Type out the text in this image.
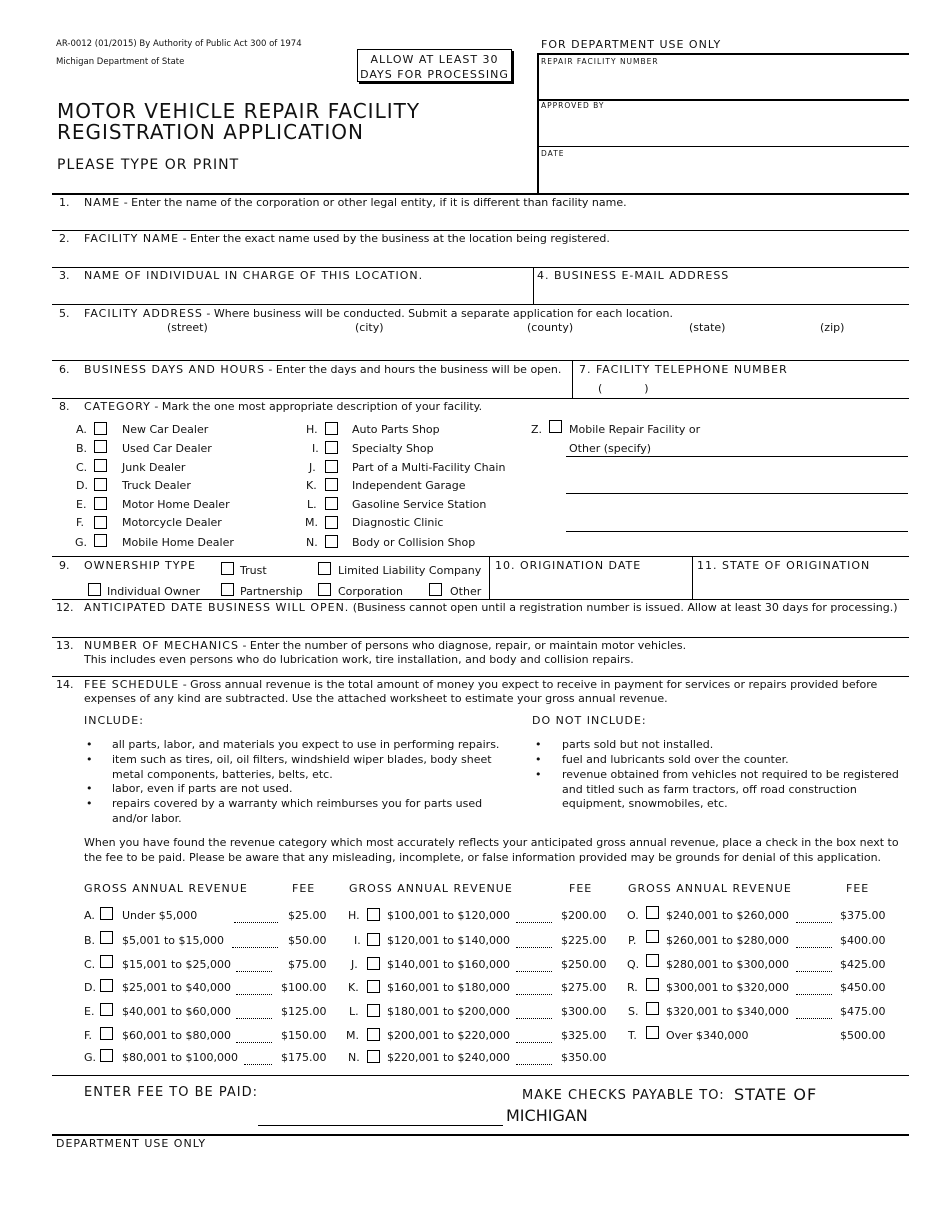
AR-0012 (01/2015) By Authority of Public Act 300 of 1974
Michigan Department of State	ALLOW AT LEAST 30
DAYS FOR PROCESSING
MOTOR VEHICLE REPAIR FACILITY
REGISTRATION APPLICATION
PLEASE TYPE OR PRINT
FOR DEPARTMENT USE ONLY
REPAIR FACILITY NUMBER
APPROVED BY
DATE
1. NAME - Enter the name of the corporation or other legal entity, if it is different than facility name.
2. FACILITY NAME - Enter the exact name used by the business at the location being registered.
3. NAME OF INDIVIDUAL IN CHARGE OF THIS LOCATION.	4. BUSINESS E-MAIL ADDRESS
5. FACILITY ADDRESS - Where business will be conducted. Submit a separate application for each location.
(street)	(city)	(county)	(state)	(zip)
6. BUSINESS DAYS AND HOURS - Enter the days and hours the business will be open. 7. FACILITY TELEPHONE NUMBER
(            )
8. CATEGORY - Mark the one most appropriate description of your facility.
A.	New Car Dealer
B.	Used Car Dealer
C.	Junk Dealer
D.	Truck Dealer
E.	Motor Home Dealer
F.	Motorcycle Dealer
G.	Mobile Home Dealer
H.	Auto Parts Shop
I.	Specialty Shop
J.	Part of a Multi-Facility Chain
K.	Independent Garage
L.	Gasoline Service Station
M.	Diagnostic Clinic
N.	Body or Collision Shop
Z. Mobile Repair Facility or
Other (specify)
9. OWNERSHIP TYPE	Trust	Limited Liability Company
Individual Owner	Partnership	Corporation	Other
10. ORIGINATION DATE	11. STATE OF ORIGINATION
12. ANTICIPATED DATE BUSINESS WILL OPEN. (Business cannot open until a registration number is issued. Allow at least 30 days for processing.)
13. NUMBER OF MECHANICS - Enter the number of persons who diagnose, repair, or maintain motor vehicles.
This includes even persons who do lubrication work, tire installation, and body and collision repairs.
14. FEE SCHEDULE - Gross annual revenue is the total amount of money you expect to receive in payment for services or repairs provided before expenses of any kind are subtracted. Use the attached worksheet to estimate your gross annual revenue.
INCLUDE:	DO NOT INCLUDE:
• all parts, labor, and materials you expect to use in performing repairs.
• item such as tires, oil, oil filters, windshield wiper blades, body sheet metal components, batteries, belts, etc.
• labor, even if parts are not used.
• repairs covered by a warranty which reimburses you for parts used and/or labor.
• parts sold but not installed.
• fuel and lubricants sold over the counter.
• revenue obtained from vehicles not required to be registered and titled such as farm tractors, off road construction equipment, snowmobiles, etc.
When you have found the revenue category which most accurately reflects your anticipated gross annual revenue, place a check in the box next to the fee to be paid. Please be aware that any misleading, incomplete, or false information provided may be grounds for denial of this application.
GROSS ANNUAL REVENUE	FEE	GROSS ANNUAL REVENUE	FEE	GROSS ANNUAL REVENUE	FEE
A. Under $5,000	$25.00
B. $5,001 to $15,000	$50.00
C. $15,001 to $25,000	$75.00
D. $25,001 to $40,000	$100.00
E.	$40,001 to $60,000	$125.00
F.	$60,001 to $80,000	$150.00
G. $80,001 to $100,000	$175.00
H. $100,001 to $120,000	$200.00
I. $120,001 to $140,000	$225.00
J.	$140,001 to $160,000	$250.00
K.	$160,001 to $180,000	$275.00
L.	$180,001 to $200,000	$300.00
M.	$200,001 to $220,000	$325.00
N. $220,001 to $240,000	$350.00
O. $240,001 to $260,000	$375.00
P.	$260,001 to $280,000	$400.00
Q. $280,001 to $300,000	$425.00
R.	$300,001 to $320,000	$450.00
S.	$320,001 to $340,000	$475.00
T.	Over $340,000	$500.00
ENTER FEE TO BE PAID:	MAKE CHECKS PAYABLE TO: STATE OF
MICHIGAN
DEPARTMENT USE ONLY
